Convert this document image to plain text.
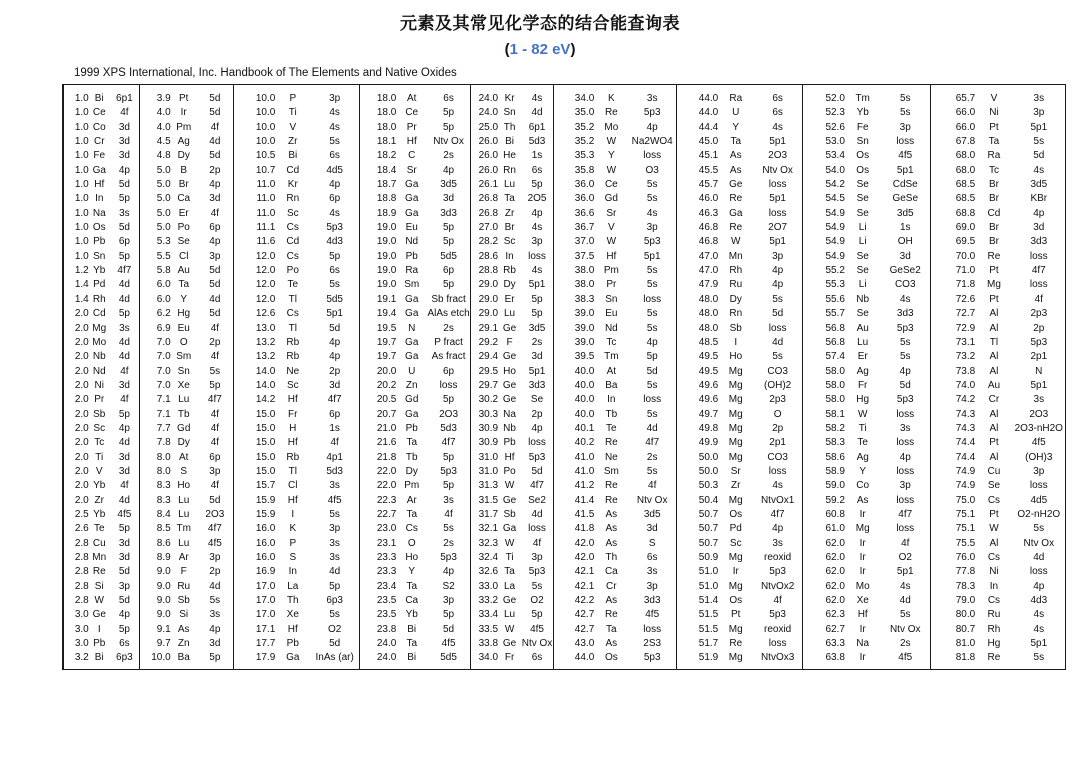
元素及其常见化学态的结合能查询表
(1 - 82 eV)
1999 XPS International, Inc. Handbook of The Elements and Native Oxides
1.0 Bi	6p1
1.0 Ce	4f
1.0 Co	3d
1.0 Cr	3d
1.0 Fe	3d
1.0 Ga	4p
1.0 Hf	5d
1.0 In	5p
1.0 Na	3s
1.0 Os	5d
1.0 Pb	6p
1.0 Sn	5p
1.2 Yb	4f7
1.4 Pd	4d
1.4 Rh	4d
2.0 Cd	5p
2.0 Mg	3s
2.0 Mo	4d
2.0 Nb	4d
2.0 Nd	4f
2.0 Ni	3d
2.0 Pr	4f
2.0 Sb	5p
2.0 Sc	4p
2.0 Tc	4d
2.0 Ti	3d
2.0 V	3d
2.0 Yb	4f
2.0 Zr	4d
2.5 Yb	4f5
2.6 Te	5p
2.8 Cu	3d
2.8 Mn	3d
2.8 Re	5d
2.8 Si	3p
2.8 W	5d
3.0 Ge	4p
3.0 I	5p
3.0 Pb	6s
3.2 Bi	6p3
3.9 Pt	5d
4.0 Ir	5d
4.0 Pm	4f
4.5 Ag	4d
4.8 Dy	5d
5.0 B	2p
5.0 Br	4p
5.0 Ca	3d
5.0 Er	4f
5.0 Po	6p
5.3 Se	4p
5.5 Cl	3p
5.8 Au	5d
6.0 Ta	5d
6.0 Y	4d
6.2 Hg	5d
6.9 Eu	4f
7.0 O	2p
7.0 Sm	4f
7.0 Sn	5s
7.0 Xe	5p
7.1 Lu	4f7
7.1 Tb	4f
7.7 Gd	4f
7.8 Dy	4f
8.0 At	6p
8.0 S	3p
8.3 Ho	4f
8.3 Lu	5d
8.4 Lu	2O3
8.5 Tm	4f7
8.6 Lu	4f5
8.9 Ar	3p
9.0 F	2p
9.0 Ru	4d
9.0 Sb	5s
9.0 Si	3s
9.1 As	4p
9.7 Zn	3d
10.0 Ba	5p
10.0	P	3p
10.0	Ti	4s
10.0	V	4s
10.0	Zr	5s
10.5	Bi	6s
10.7	Cd	4d5
11.0	Kr	4p
11.0	Rn	6p
11.0	Sc	4s
11.1	Cs	5p3
11.6	Cd	4d3
12.0	Cs	5p
12.0	Po	6s
12.0	Te	5s
12.0	Tl	5d5
12.6	Cs	5p1
13.0	Tl	5d
13.2	Rb	4p
13.2	Rb	4p
14.0	Ne	2p
14.0	Sc	3d
14.2	Hf	4f7
15.0	Fr	6p
15.0	H	1s
15.0	Hf	4f
15.0	Rb	4p1
15.0	Tl	5d3
15.7	Cl	3s
15.9	Hf	4f5
15.9	I	5s
16.0	K	3p
16.0	P	3s
16.0	S	3s
16.9	In	4d
17.0	La	5p
17.0	Th	6p3
17.0	Xe	5s
17.1	Hf	O2
17.7	Pb	5d
17.9	Ga	InAs (ar)
18.0	At	6s
18.0 Ce	5p
18.0	Pr	5p
18.1	Hf	Ntv Ox
18.2	C	2s
18.4	Sr	4p
18.7 Ga	3d5
18.8 Ga	3d
18.9 Ga	3d3
19.0 Eu	5p
19.0 Nd	5p
19.0 Pb	5d5
19.0 Ra	6p
19.0 Sm	5p
19.1 Ga	Sb fract
19.4 Ga AlAs etch
19.5	N	2s
19.7 Ga	P fract
19.7 Ga	As fract
20.0	U	6p
20.2 Zn	loss
20.5 Gd	5p
20.7 Ga	2O3
21.0 Pb	5d3
21.6	Ta	4f7
21.8 Tb	5p
22.0 Dy	5p3
22.0 Pm	5p
22.3	Ar	3s
22.7	Ta	4f
23.0 Cs	5s
23.1	O	2s
23.3 Ho	5p3
23.3	Y	4p
23.4	Ta	S2
23.5 Ca	3p
23.5 Yb	5p
23.8	Bi	5d
24.0	Ta	4f5
24.0	Bi	5d5
24.0 Kr	4s
24.0 Sn	4d
25.0 Th	6p1
26.0 Bi	5d3
26.0 He	1s
26.0 Rn	6s
26.1 Lu	5p
26.8 Ta	2O5
26.8 Zr	4p
27.0 Br	4s
28.2 Sc	3p
28.6 In	loss
28.8 Rb	4s
29.0 Dy	5p1
29.0 Er	5p
29.0 Lu	5p
29.1 Ge	3d5
29.2 F	2s
29.4 Ge	3d
29.5 Ho	5p1
29.7 Ge	3d3
30.2 Ge	Se
30.3 Na	2p
30.9 Nb	4p
30.9 Pb	loss
31.0 Hf	5p3
31.0 Po	5d
31.3 W	4f7
31.5 Ge	Se2
31.7 Sb	4d
32.1 Ga	loss
32.3 W	4f
32.4 Ti	3p
32.6 Ta	5p3
33.0 La	5s
33.2 Ge	O2
33.4 Lu	5p
33.5 W	4f5
33.8 Ge Ntv Ox
34.0 Fr	6s
34.0	K	3s
35.0	Re	5p3
35.2	Mo	4p
35.2	W	Na2WO4
35.3	Y	loss
35.8	W	O3
36.0	Ce	5s
36.0	Gd	5s
36.6	Sr	4s
36.7	V	3p
37.0	W	5p3
37.5	Hf	5p1
38.0 Pm	5s
38.0	Pr	5s
38.3	Sn	loss
39.0	Eu	5s
39.0	Nd	5s
39.0	Tc	4p
39.5 Tm	5p
40.0	At	5d
40.0	Ba	5s
40.0	In	loss
40.0	Tb	5s
40.1	Te	4d
40.2	Re	4f7
41.0	Ne	2s
41.0 Sm	5s
41.2	Re	4f
41.4	Re	Ntv Ox
41.5	As	3d5
41.8	As	3d
42.0	As	S
42.0	Th	6s
42.1	Ca	3s
42.1	Cr	3p
42.2	As	3d3
42.7	Re	4f5
42.7	Ta	loss
43.0	As	2S3
44.0	Os	5p3
44.0	Ra	6s
44.0	U	6s
44.4	Y	4s
45.0	Ta	5p1
45.1	As	2O3
45.5	As	Ntv Ox
45.7	Ge	loss
46.0	Re	5p1
46.3	Ga	loss
46.8	Re	2O7
46.8	W	5p1
47.0	Mn	3p
47.0	Rh	4p
47.9	Ru	4p
48.0	Dy	5s
48.0	Rn	5d
48.0	Sb	loss
48.5	I	4d
49.5	Ho	5s
49.5	Mg	CO3
49.6	Mg	(OH)2
49.6	Mg	2p3
49.7	Mg	O
49.8	Mg	2p
49.9	Mg	2p1
50.0	Mg	CO3
50.0	Sr	loss
50.3	Zr	4s
50.4	Mg	NtvOx1
50.7	Os	4f7
50.7	Pd	4p
50.7	Sc	3s
50.9	Mg	reoxid
51.0	Ir	5p3
51.0	Mg	NtvOx2
51.4	Os	4f
51.5	Pt	5p3
51.5	Mg	reoxid
51.7	Re	loss
51.9	Mg	NtvOx3
52.0	Tm	5s
52.3	Yb	5s
52.6	Fe	3p
53.0	Sn	loss
53.4	Os	4f5
54.0	Os	5p1
54.2	Se	CdSe
54.5	Se	GeSe
54.9	Se	3d5
54.9	Li	1s
54.9	Li	OH
54.9	Se	3d
55.2	Se	GeSe2
55.3	Li	CO3
55.6	Nb	4s
55.7	Se	3d3
56.8	Au	5p3
56.8	Lu	5s
57.4	Er	5s
58.0	Ag	4p
58.0	Fr	5d
58.0	Hg	5p3
58.1	W	loss
58.2	Ti	3s
58.3	Te	loss
58.6	Ag	4p
58.9	Y	loss
59.0	Co	3p
59.2	As	loss
60.8	Ir	4f7
61.0	Mg	loss
62.0	Ir	4f
62.0	Ir	O2
62.0	Ir	5p1
62.0	Mo	4s
62.0	Xe	4d
62.3	Hf	5s
62.7	Ir	Ntv Ox
63.3	Na	2s
63.8	Ir	4f5
65.7	V	3s
66.0	Ni	3p
66.0	Pt	5p1
67.8	Ta	5s
68.0	Ra	5d
68.0	Tc	4s
68.5	Br	3d5
68.5	Br	KBr
68.8	Cd	4p
69.0	Br	3d
69.5	Br	3d3
70.0	Re	loss
71.0	Pt	4f7
71.8	Mg	loss
72.6	Pt	4f
72.7	Al	2p3
72.9	Al	2p
73.1	Tl	5p3
73.2	Al	2p1
73.8	Al	N
74.0	Au	5p1
74.2	Cr	3s
74.3	Al	2O3
74.3	Al	2O3-nH2O
74.4	Pt	4f5
74.4	Al	(OH)3
74.9	Cu	3p
74.9	Se	loss
75.0	Cs	4d5
75.1	Pt	O2-nH2O
75.1	W	5s
75.5	Al	Ntv Ox
76.0	Cs	4d
77.8	Ni	loss
78.3	In	4p
79.0	Cs	4d3
80.0	Ru	4s
80.7	Rh	4s
81.0	Hg	5p1
81.8	Re	5s
